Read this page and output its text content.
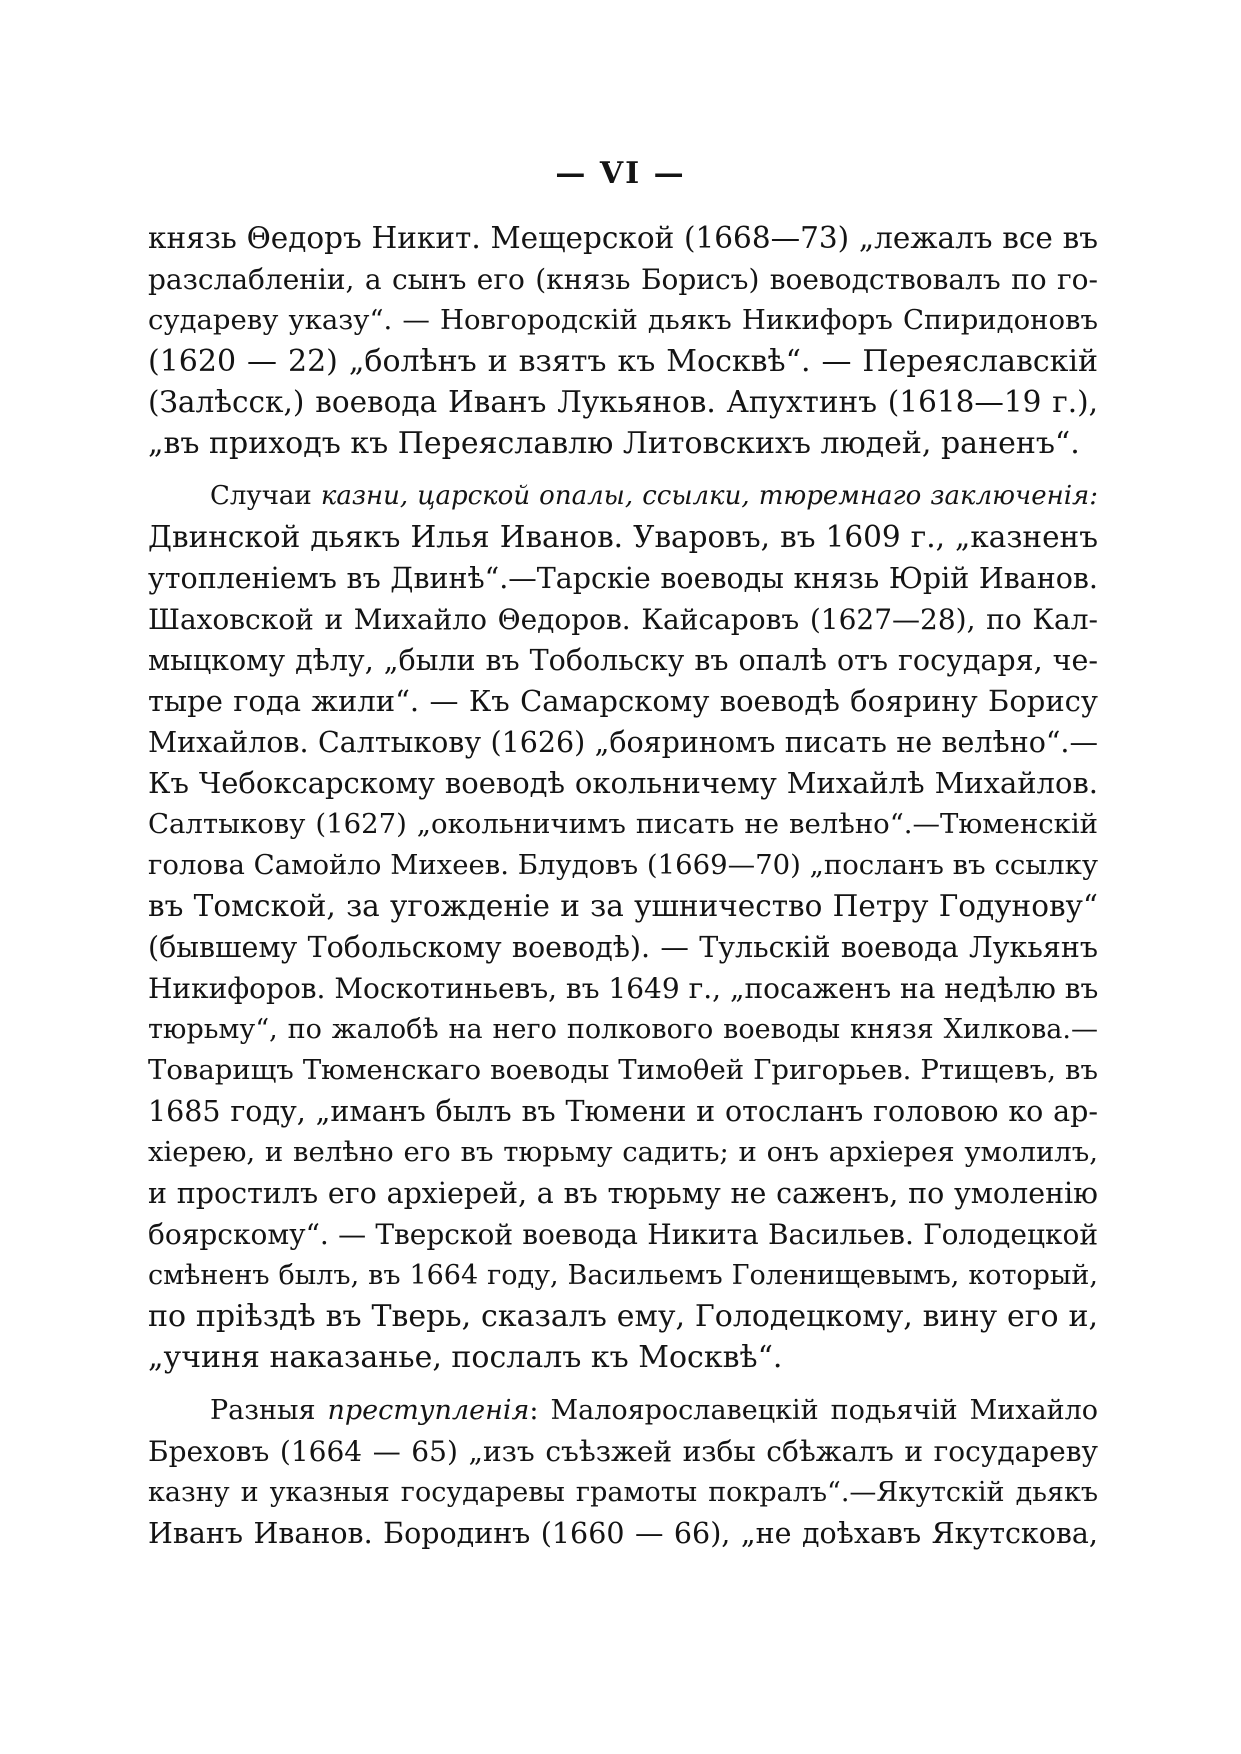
— VI —
князь Θедоръ Никит. Мещерской (1668—73) „лежалъ все въ
разслабленіи, а сынъ его (князь Борисъ) воеводствовалъ по го-
судареву указу“. — Новгородскій дьякъ Никифоръ Спиридоновъ
(1620 — 22) „болѣнъ и взятъ къ Москвѣ“. — Переяславскій
(Залѣсск,) воевода Иванъ Лукьянов. Апухтинъ (1618—19 г.),
„въ приходъ къ Переяславлю Литовскихъ людей, раненъ“.
Случаи казни, царской опалы, ссылки, тюремнаго заключенія:
Двинской дьякъ Илья Иванов. Уваровъ, въ 1609 г., „казненъ
утопленіемъ въ Двинѣ“.—Тарскіе воеводы князь Юрій Иванов.
Шаховской и Михайло Θедоров. Кайсаровъ (1627—28), по Кал-
мыцкому дѣлу, „были въ Тобольску въ опалѣ отъ государя, че-
тыре года жили“. — Къ Самарскому воеводѣ боярину Борису
Михайлов. Салтыкову (1626) „бояриномъ писать не велѣно“.—
Къ Чебоксарскому воеводѣ окольничему Михайлѣ Михайлов.
Салтыкову (1627) „окольничимъ писать не велѣно“.—Тюменскій
голова Самойло Михеев. Блудовъ (1669—70) „посланъ въ ссылку
въ Томской, за угожденіе и за ушничество Петру Годунову“
(бывшему Тобольскому воеводѣ). — Тульскій воевода Лукьянъ
Никифоров. Москотиньевъ, въ 1649 г., „посаженъ на недѣлю въ
тюрьму“, по жалобѣ на него полкового воеводы князя Хилкова.—
Товарищъ Тюменскаго воеводы Тимоθей Григорьев. Ртищевъ, въ
1685 году, „иманъ былъ въ Тюмени и отосланъ головою ко ар-
хіерею, и велѣно его въ тюрьму садить; и онъ архіерея умолилъ,
и простилъ его архіерей, а въ тюрьму не саженъ, по умоленію
боярскому“. — Тверской воевода Никита Васильев. Голодецкой
смѣненъ былъ, въ 1664 году, Васильемъ Голенищевымъ, который,
по пріѣздѣ въ Тверь, сказалъ ему, Голодецкому, вину его и,
„учиня наказанье, послалъ къ Москвѣ“.
Разныя преступленія: Малоярославецкій подьячій Михайло
Бреховъ (1664 — 65) „изъ съѣзжей избы сбѣжалъ и государеву
казну и указныя государевы грамоты покралъ“.—Якутскій дьякъ
Иванъ Иванов. Бородинъ (1660 — 66), „не доѣхавъ Якутскова,
